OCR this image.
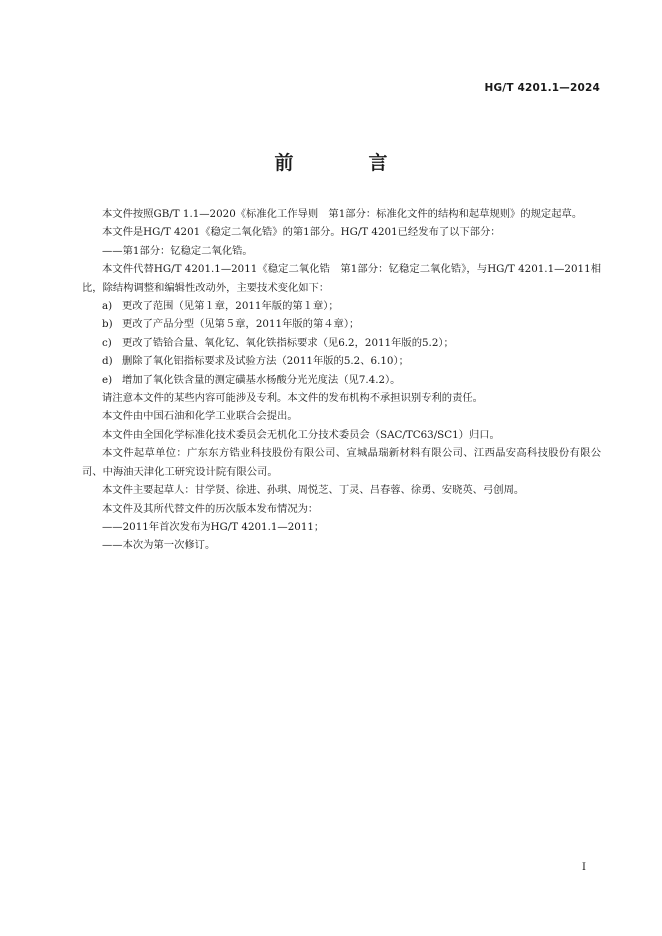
HG/T 4201.1—2024
前　言

本文件按照GB/T 1.1—2020《标准化工作导则　第1部分：标准化文件的结构和起草规则》的规定起草。

本文件是HG/T 4201《稳定二氧化锆》的第1部分。HG/T 4201已经发布了以下部分：

——第1部分：钇稳定二氧化锆。

本文件代替HG/T 4201.1—2011《稳定二氧化锆　第1部分：钇稳定二氧化锆》，与HG/T 4201.1—2011相比，除结构调整和编辑性改动外，主要技术变化如下：

a) 更改了范围（见第１章，2011年版的第１章）；

b) 更改了产品分型（见第５章，2011年版的第４章）；

c) 更改了锆铪合量、氧化钇、氧化铁指标要求（见6.2，2011年版的5.2）；

d) 删除了氧化铝指标要求及试验方法（2011年版的5.2、6.10）；

e) 增加了氧化铁含量的测定磺基水杨酸分光光度法（见7.4.2）。

请注意本文件的某些内容可能涉及专利。本文件的发布机构不承担识别专利的责任。

本文件由中国石油和化学工业联合会提出。

本文件由全国化学标准化技术委员会无机化工分技术委员会（SAC/TC63/SC1）归口。

本文件起草单位：广东东方锆业科技股份有限公司、宣城晶瑞新材料有限公司、江西晶安高科技股份有限公司、中海油天津化工研究设计院有限公司。

本文件主要起草人：甘学贤、徐进、孙琪、周悦芝、丁灵、吕春蓉、徐勇、安晓英、弓创周。

本文件及其所代替文件的历次版本发布情况为：

——2011年首次发布为HG/T 4201.1—2011；

——本次为第一次修订。

I
